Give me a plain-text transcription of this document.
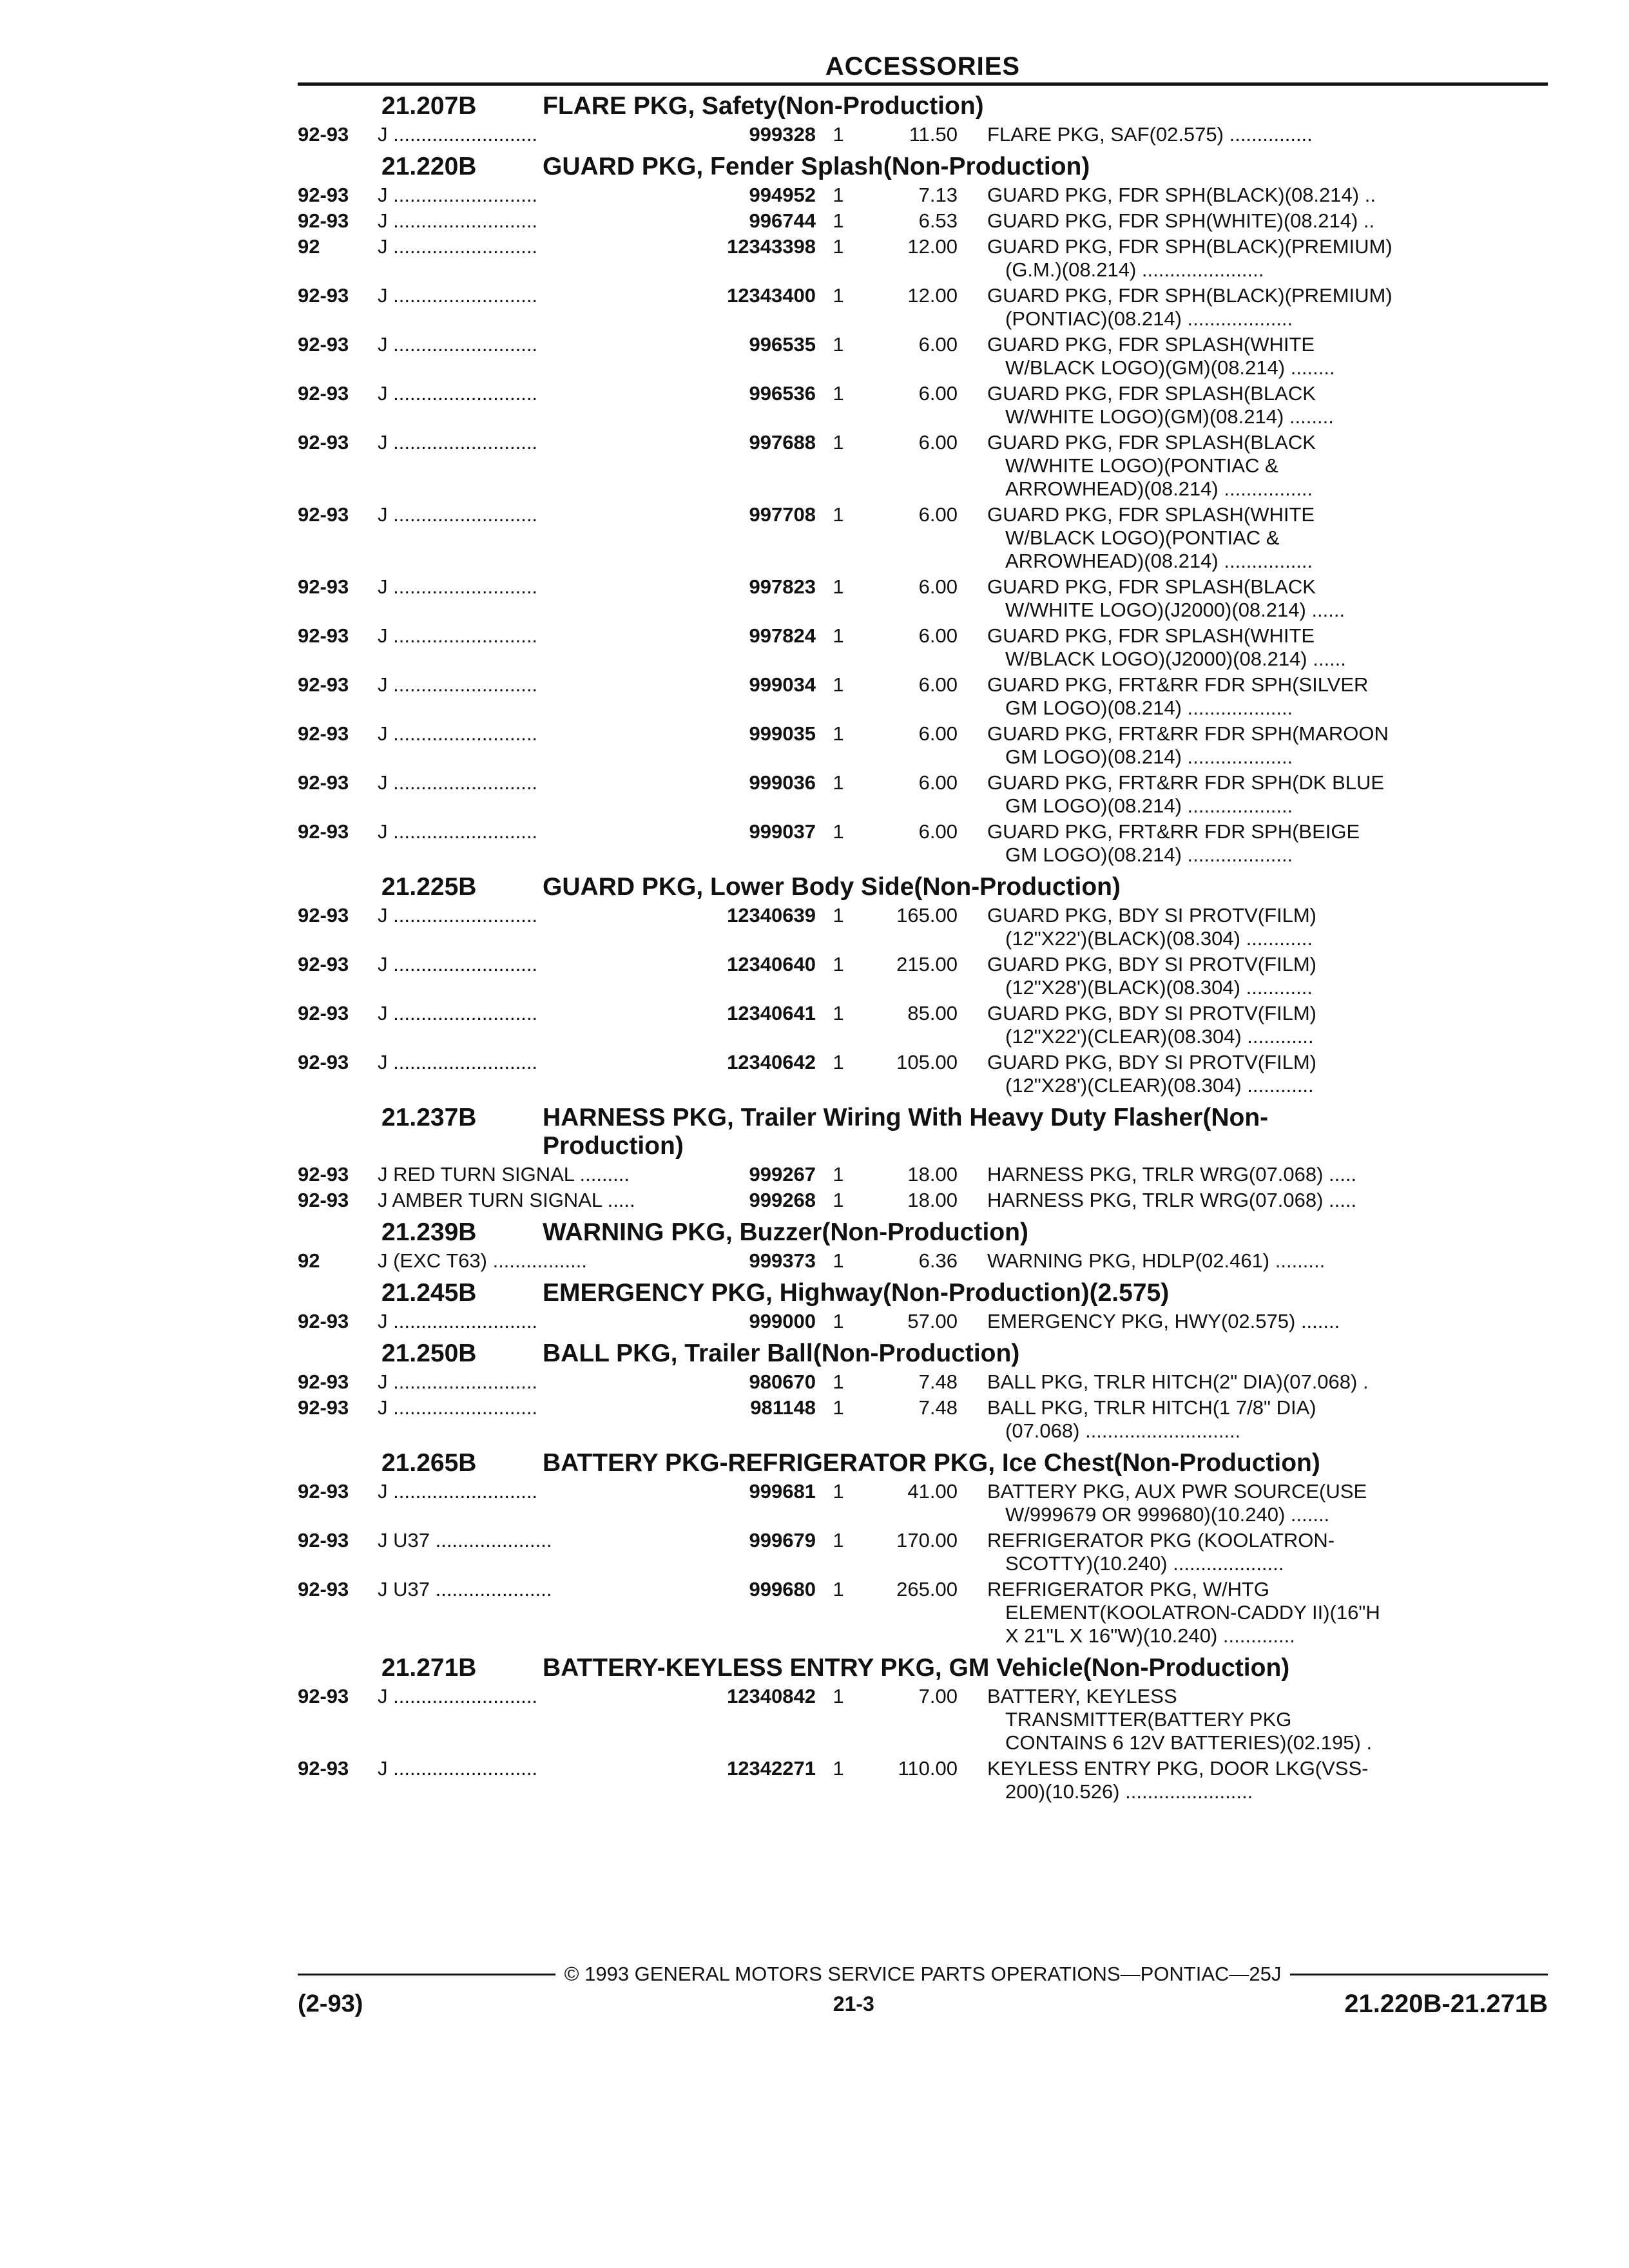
ACCESSORIES
21.207B	FLARE PKG, Safety(Non-Production)
92-93	J ..........................	999328 1	11.50 FLARE PKG, SAF(02.575) ...............
21.220B	GUARD PKG, Fender Splash(Non-Production)
92-93	J ..........................	994952 1	7.13 GUARD PKG, FDR SPH(BLACK)(08.214) ..
92-93	J ..........................	996744 1	6.53 GUARD PKG, FDR SPH(WHITE)(08.214) ..
92	J ..........................	12343398 1	12.00 GUARD PKG, FDR SPH(BLACK)(PREMIUM)
(G.M.)(08.214) ......................
92-93	J ..........................	12343400 1	12.00 GUARD PKG, FDR SPH(BLACK)(PREMIUM)
(PONTIAC)(08.214) ...................
92-93	J ..........................	996535 1	6.00 GUARD PKG, FDR SPLASH(WHITE
W/BLACK LOGO)(GM)(08.214) ........
92-93	J ..........................	996536 1	6.00 GUARD PKG, FDR SPLASH(BLACK
W/WHITE LOGO)(GM)(08.214) ........
92-93	J ..........................	997688 1	6.00 GUARD PKG, FDR SPLASH(BLACK
W/WHITE LOGO)(PONTIAC &
ARROWHEAD)(08.214) ................
92-93	J ..........................	997708 1	6.00 GUARD PKG, FDR SPLASH(WHITE
W/BLACK LOGO)(PONTIAC &
ARROWHEAD)(08.214) ................
92-93	J ..........................	997823 1	6.00 GUARD PKG, FDR SPLASH(BLACK
W/WHITE LOGO)(J2000)(08.214) ......
92-93	J ..........................	997824 1	6.00 GUARD PKG, FDR SPLASH(WHITE
W/BLACK LOGO)(J2000)(08.214) ......
92-93	J ..........................	999034 1	6.00 GUARD PKG, FRT&RR FDR SPH(SILVER
GM LOGO)(08.214) ...................
92-93	J ..........................	999035 1	6.00 GUARD PKG, FRT&RR FDR SPH(MAROON
GM LOGO)(08.214) ...................
92-93	J ..........................	999036 1	6.00 GUARD PKG, FRT&RR FDR SPH(DK BLUE
GM LOGO)(08.214) ...................
92-93	J ..........................	999037 1	6.00 GUARD PKG, FRT&RR FDR SPH(BEIGE
GM LOGO)(08.214) ...................
21.225B	GUARD PKG, Lower Body Side(Non-Production)
92-93	J ..........................	12340639 1	165.00 GUARD PKG, BDY SI PROTV(FILM)
(12"X22')(BLACK)(08.304) ............
92-93	J ..........................	12340640 1	215.00 GUARD PKG, BDY SI PROTV(FILM)
(12"X28')(BLACK)(08.304) ............
92-93	J ..........................	12340641 1	85.00 GUARD PKG, BDY SI PROTV(FILM)
(12"X22')(CLEAR)(08.304) ............
92-93	J ..........................	12340642 1	105.00 GUARD PKG, BDY SI PROTV(FILM)
(12"X28')(CLEAR)(08.304) ............
21.237B	HARNESS PKG, Trailer Wiring With Heavy Duty Flasher(Non-
Production)
92-93	J RED TURN SIGNAL .........	999267 1	18.00 HARNESS PKG, TRLR WRG(07.068) .....
92-93	J AMBER TURN SIGNAL .....	999268 1	18.00 HARNESS PKG, TRLR WRG(07.068) .....
21.239B	WARNING PKG, Buzzer(Non-Production)
92	J (EXC T63) .................	999373 1	6.36 WARNING PKG, HDLP(02.461) .........
21.245B	EMERGENCY PKG, Highway(Non-Production)(2.575)
92-93	J ..........................	999000 1	57.00 EMERGENCY PKG, HWY(02.575) .......
21.250B	BALL PKG, Trailer Ball(Non-Production)
92-93	J ..........................	980670 1	7.48 BALL PKG, TRLR HITCH(2" DIA)(07.068) .
92-93	J ..........................	981148 1	7.48 BALL PKG, TRLR HITCH(1 7/8" DIA)
(07.068) ............................
21.265B	BATTERY PKG-REFRIGERATOR PKG, Ice Chest(Non-Production)
92-93	J ..........................	999681 1	41.00 BATTERY PKG, AUX PWR SOURCE(USE
W/999679 OR 999680)(10.240) .......
92-93	J U37 .....................	999679 1	170.00 REFRIGERATOR PKG (KOOLATRON-
SCOTTY)(10.240) ....................
92-93	J U37 .....................	999680 1	265.00 REFRIGERATOR PKG, W/HTG
ELEMENT(KOOLATRON-CADDY II)(16"H
X 21"L X 16"W)(10.240) .............
21.271B	BATTERY-KEYLESS ENTRY PKG, GM Vehicle(Non-Production)
92-93	J ..........................	12340842 1	7.00 BATTERY, KEYLESS
TRANSMITTER(BATTERY PKG
CONTAINS 6 12V BATTERIES)(02.195) .
92-93	J ..........................	12342271 1	110.00 KEYLESS ENTRY PKG, DOOR LKG(VSS-
200)(10.526) .......................
© 1993 GENERAL MOTORS SERVICE PARTS OPERATIONS—PONTIAC—25J
(2-93)	21-3	21.220B-21.271B
